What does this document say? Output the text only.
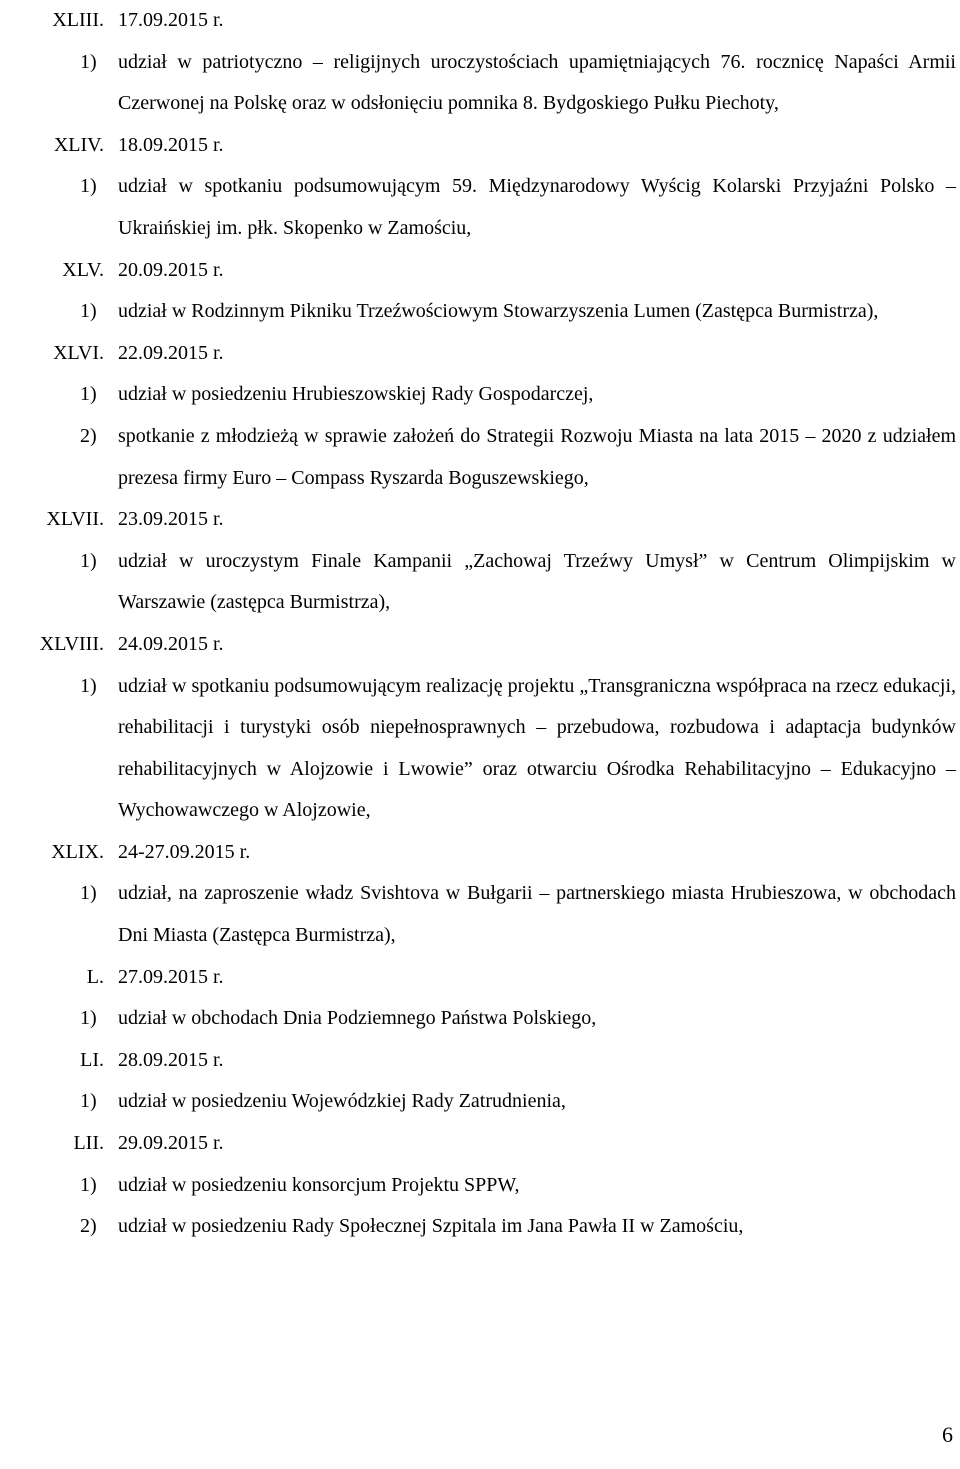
XLIII. 17.09.2015 r.
1) udział w patriotyczno – religijnych uroczystościach upamiętniających 76. rocznicę Napaści Armii Czerwonej na Polskę oraz w odsłonięciu pomnika 8. Bydgoskiego Pułku Piechoty,
XLIV. 18.09.2015 r.
1) udział w spotkaniu podsumowującym 59. Międzynarodowy Wyścig Kolarski Przyjaźni Polsko – Ukraińskiej im. płk. Skopenko w Zamościu,
XLV. 20.09.2015 r.
1) udział w Rodzinnym Pikniku Trzeźwościowym Stowarzyszenia Lumen (Zastępca Burmistrza),
XLVI. 22.09.2015 r.
1) udział w posiedzeniu Hrubieszowskiej Rady Gospodarczej,
2) spotkanie z młodzieżą w sprawie założeń do Strategii Rozwoju Miasta na lata 2015 – 2020 z udziałem prezesa firmy Euro – Compass Ryszarda Boguszewskiego,
XLVII. 23.09.2015 r.
1) udział w uroczystym Finale Kampanii „Zachowaj Trzeźwy Umysł” w Centrum Olimpijskim w Warszawie (zastępca Burmistrza),
XLVIII. 24.09.2015 r.
1) udział w spotkaniu podsumowującym realizację projektu „Transgraniczna współpraca na rzecz edukacji, rehabilitacji i turystyki osób niepełnosprawnych – przebudowa, rozbudowa i adaptacja budynków rehabilitacyjnych w Alojzowie i Lwowie” oraz otwarciu Ośrodka Rehabilitacyjno – Edukacyjno – Wychowawczego w Alojzowie,
XLIX. 24-27.09.2015 r.
1) udział, na zaproszenie władz Svishtova w Bułgarii – partnerskiego miasta Hrubieszowa, w obchodach Dni Miasta (Zastępca Burmistrza),
L. 27.09.2015 r.
1) udział w obchodach Dnia Podziemnego Państwa Polskiego,
LI. 28.09.2015 r.
1) udział w posiedzeniu Wojewódzkiej Rady Zatrudnienia,
LII. 29.09.2015 r.
1) udział w posiedzeniu konsorcjum Projektu SPPW,
2) udział w posiedzeniu Rady Społecznej Szpitala im Jana Pawła II w Zamościu,
6
